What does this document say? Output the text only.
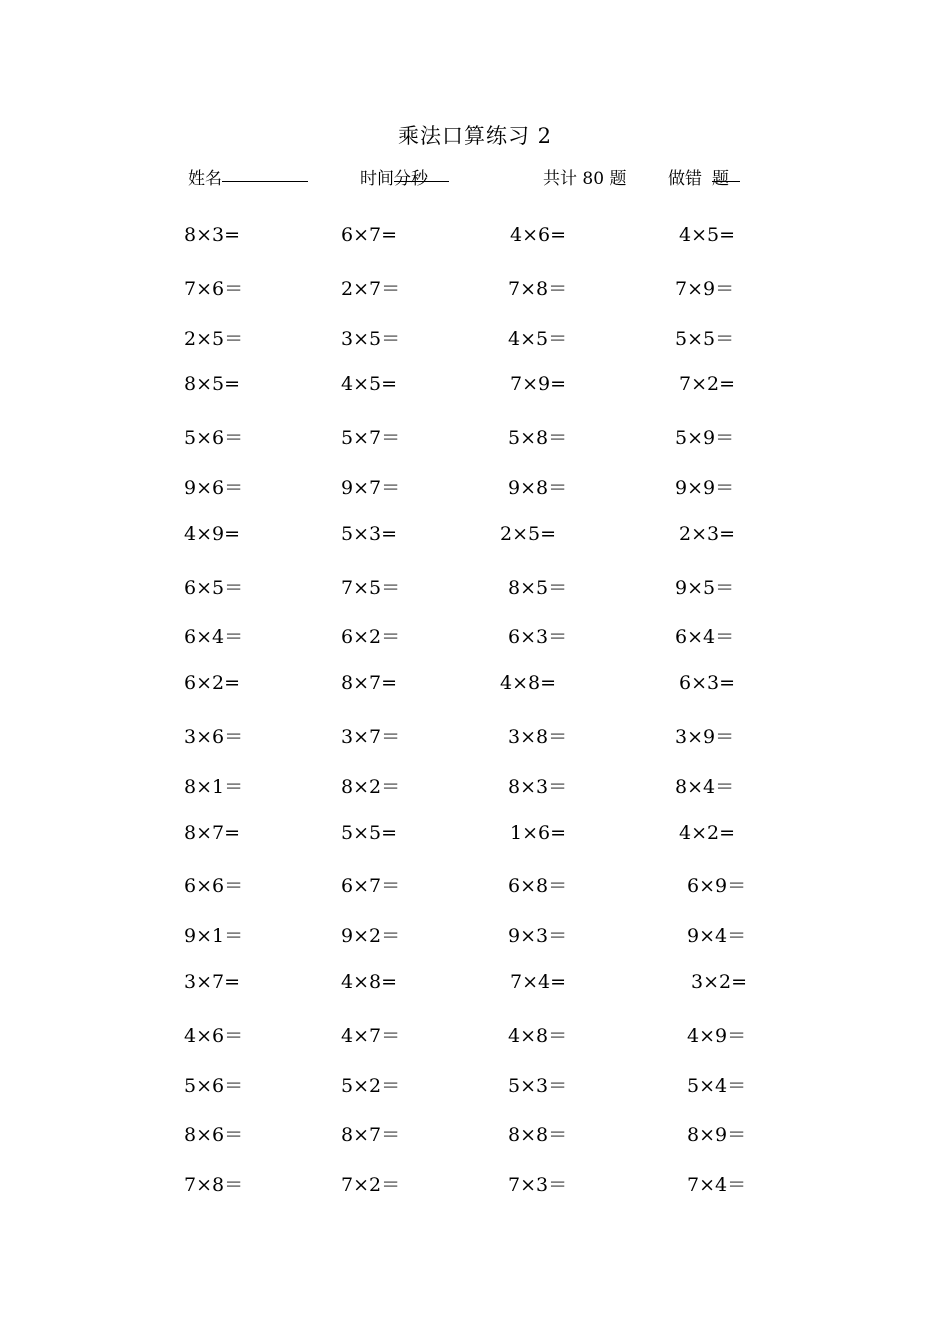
乘法口算练习 2
姓名	时间
分
秒	共计 80 题 做错 题
8×3=	6×7=	4×6=	4×5=
7×6＝	2×7＝	7×8＝	7×9＝
2×5＝	3×5＝	4×5＝	5×5＝
8×5=	4×5=	7×9=	7×2=
5×6＝	5×7＝	5×8＝	5×9＝
9×6＝	9×7＝	9×8＝	9×9＝
4×9=	5×3=	2×5=	2×3=
6×5＝	7×5＝	8×5＝	9×5＝
6×4＝	6×2＝	6×3＝	6×4＝
6×2=	8×7=	4×8=	6×3=
3×6＝	3×7＝	3×8＝	3×9＝
8×1＝	8×2＝	8×3＝	8×4＝
8×7=	5×5=	1×6=	4×2=
6×6＝	6×7＝	6×8＝	6×9＝
9×1＝	9×2＝	9×3＝	9×4＝
3×7=	4×8=	7×4=	3×2=
4×6＝	4×7＝	4×8＝	4×9＝
5×6＝	5×2＝	5×3＝	5×4＝
8×6＝	8×7＝	8×8＝	8×9＝
7×8＝	7×2＝	7×3＝	7×4＝
